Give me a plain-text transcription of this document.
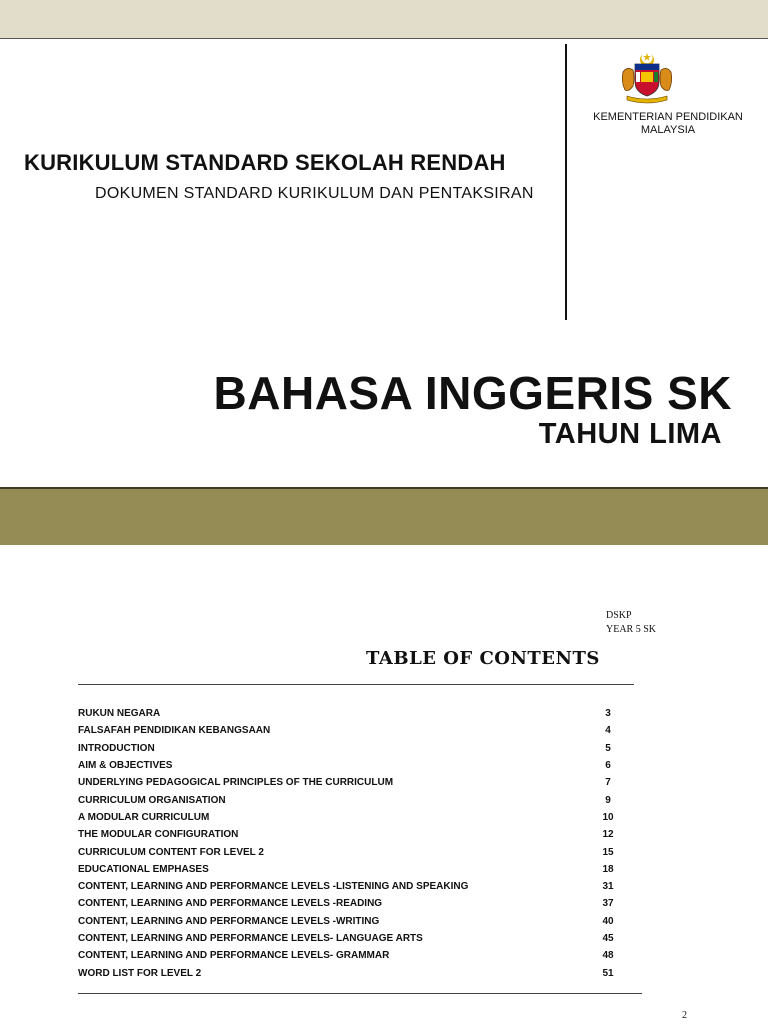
KEMENTERIAN PENDIDIKAN
MALAYSIA
KURIKULUM STANDARD SEKOLAH RENDAH
DOKUMEN STANDARD KURIKULUM DAN PENTAKSIRAN
BAHASA INGGERIS SK
TAHUN LIMA
DSKP
YEAR 5 SK
TABLE OF CONTENTS
RUKUN NEGARA	3
FALSAFAH PENDIDIKAN KEBANGSAAN	4
INTRODUCTION	5
AIM & OBJECTIVES	6
UNDERLYING PEDAGOGICAL PRINCIPLES OF THE CURRICULUM	7
CURRICULUM ORGANISATION	9
A MODULAR CURRICULUM	10
THE MODULAR CONFIGURATION	12
CURRICULUM CONTENT FOR LEVEL 2	15
EDUCATIONAL EMPHASES	18
CONTENT, LEARNING AND PERFORMANCE LEVELS -LISTENING AND SPEAKING	31
CONTENT, LEARNING AND PERFORMANCE LEVELS -READING	37
CONTENT, LEARNING AND PERFORMANCE LEVELS -WRITING	40
CONTENT, LEARNING AND PERFORMANCE LEVELS- LANGUAGE ARTS	45
CONTENT, LEARNING AND PERFORMANCE LEVELS- GRAMMAR	48
WORD LIST FOR LEVEL 2	51
2
